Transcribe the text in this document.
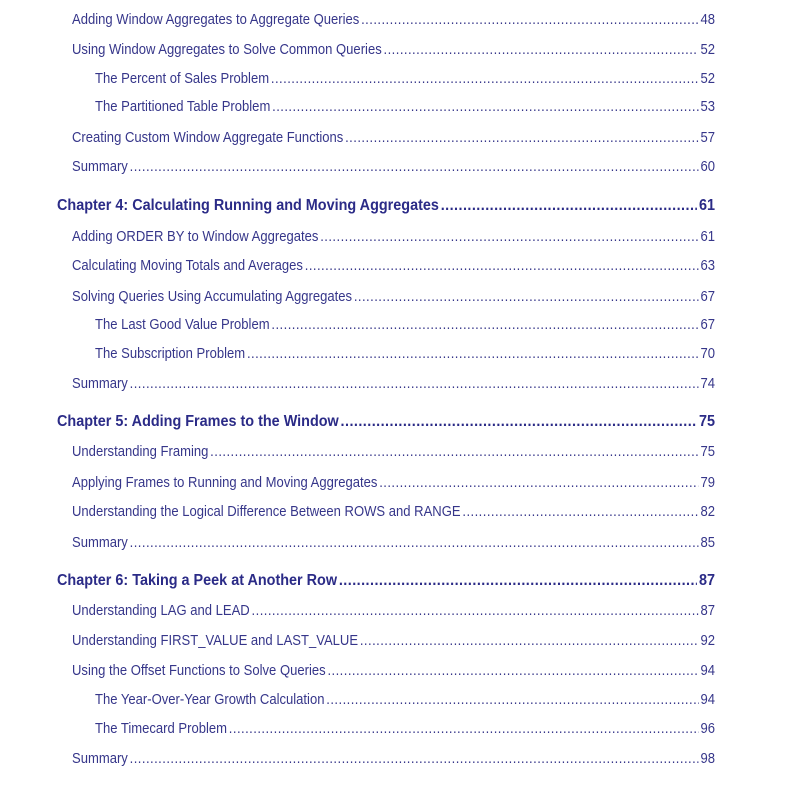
Adding Window Aggregates to Aggregate Queries .....	48
Using Window Aggregates to Solve Common Queries .....	52
The Percent of Sales Problem .....	52
The Partitioned Table Problem .....	53
Creating Custom Window Aggregate Functions .....	57
Summary .....	60
Chapter 4: Calculating Running and Moving Aggregates .....	61
Adding ORDER BY to Window Aggregates .....	61
Calculating Moving Totals and Averages .....	63
Solving Queries Using Accumulating Aggregates .....	67
The Last Good Value Problem .....	67
The Subscription Problem .....	70
Summary .....	74
Chapter 5: Adding Frames to the Window .....	75
Understanding Framing .....	75
Applying Frames to Running and Moving Aggregates .....	79
Understanding the Logical Difference Between ROWS and RANGE .....	82
Summary .....	85
Chapter 6: Taking a Peek at Another Row .....	87
Understanding LAG and LEAD .....	87
Understanding FIRST_VALUE and LAST_VALUE .....	92
Using the Offset Functions to Solve Queries .....	94
The Year-Over-Year Growth Calculation .....	94
The Timecard Problem .....	96
Summary .....	98
